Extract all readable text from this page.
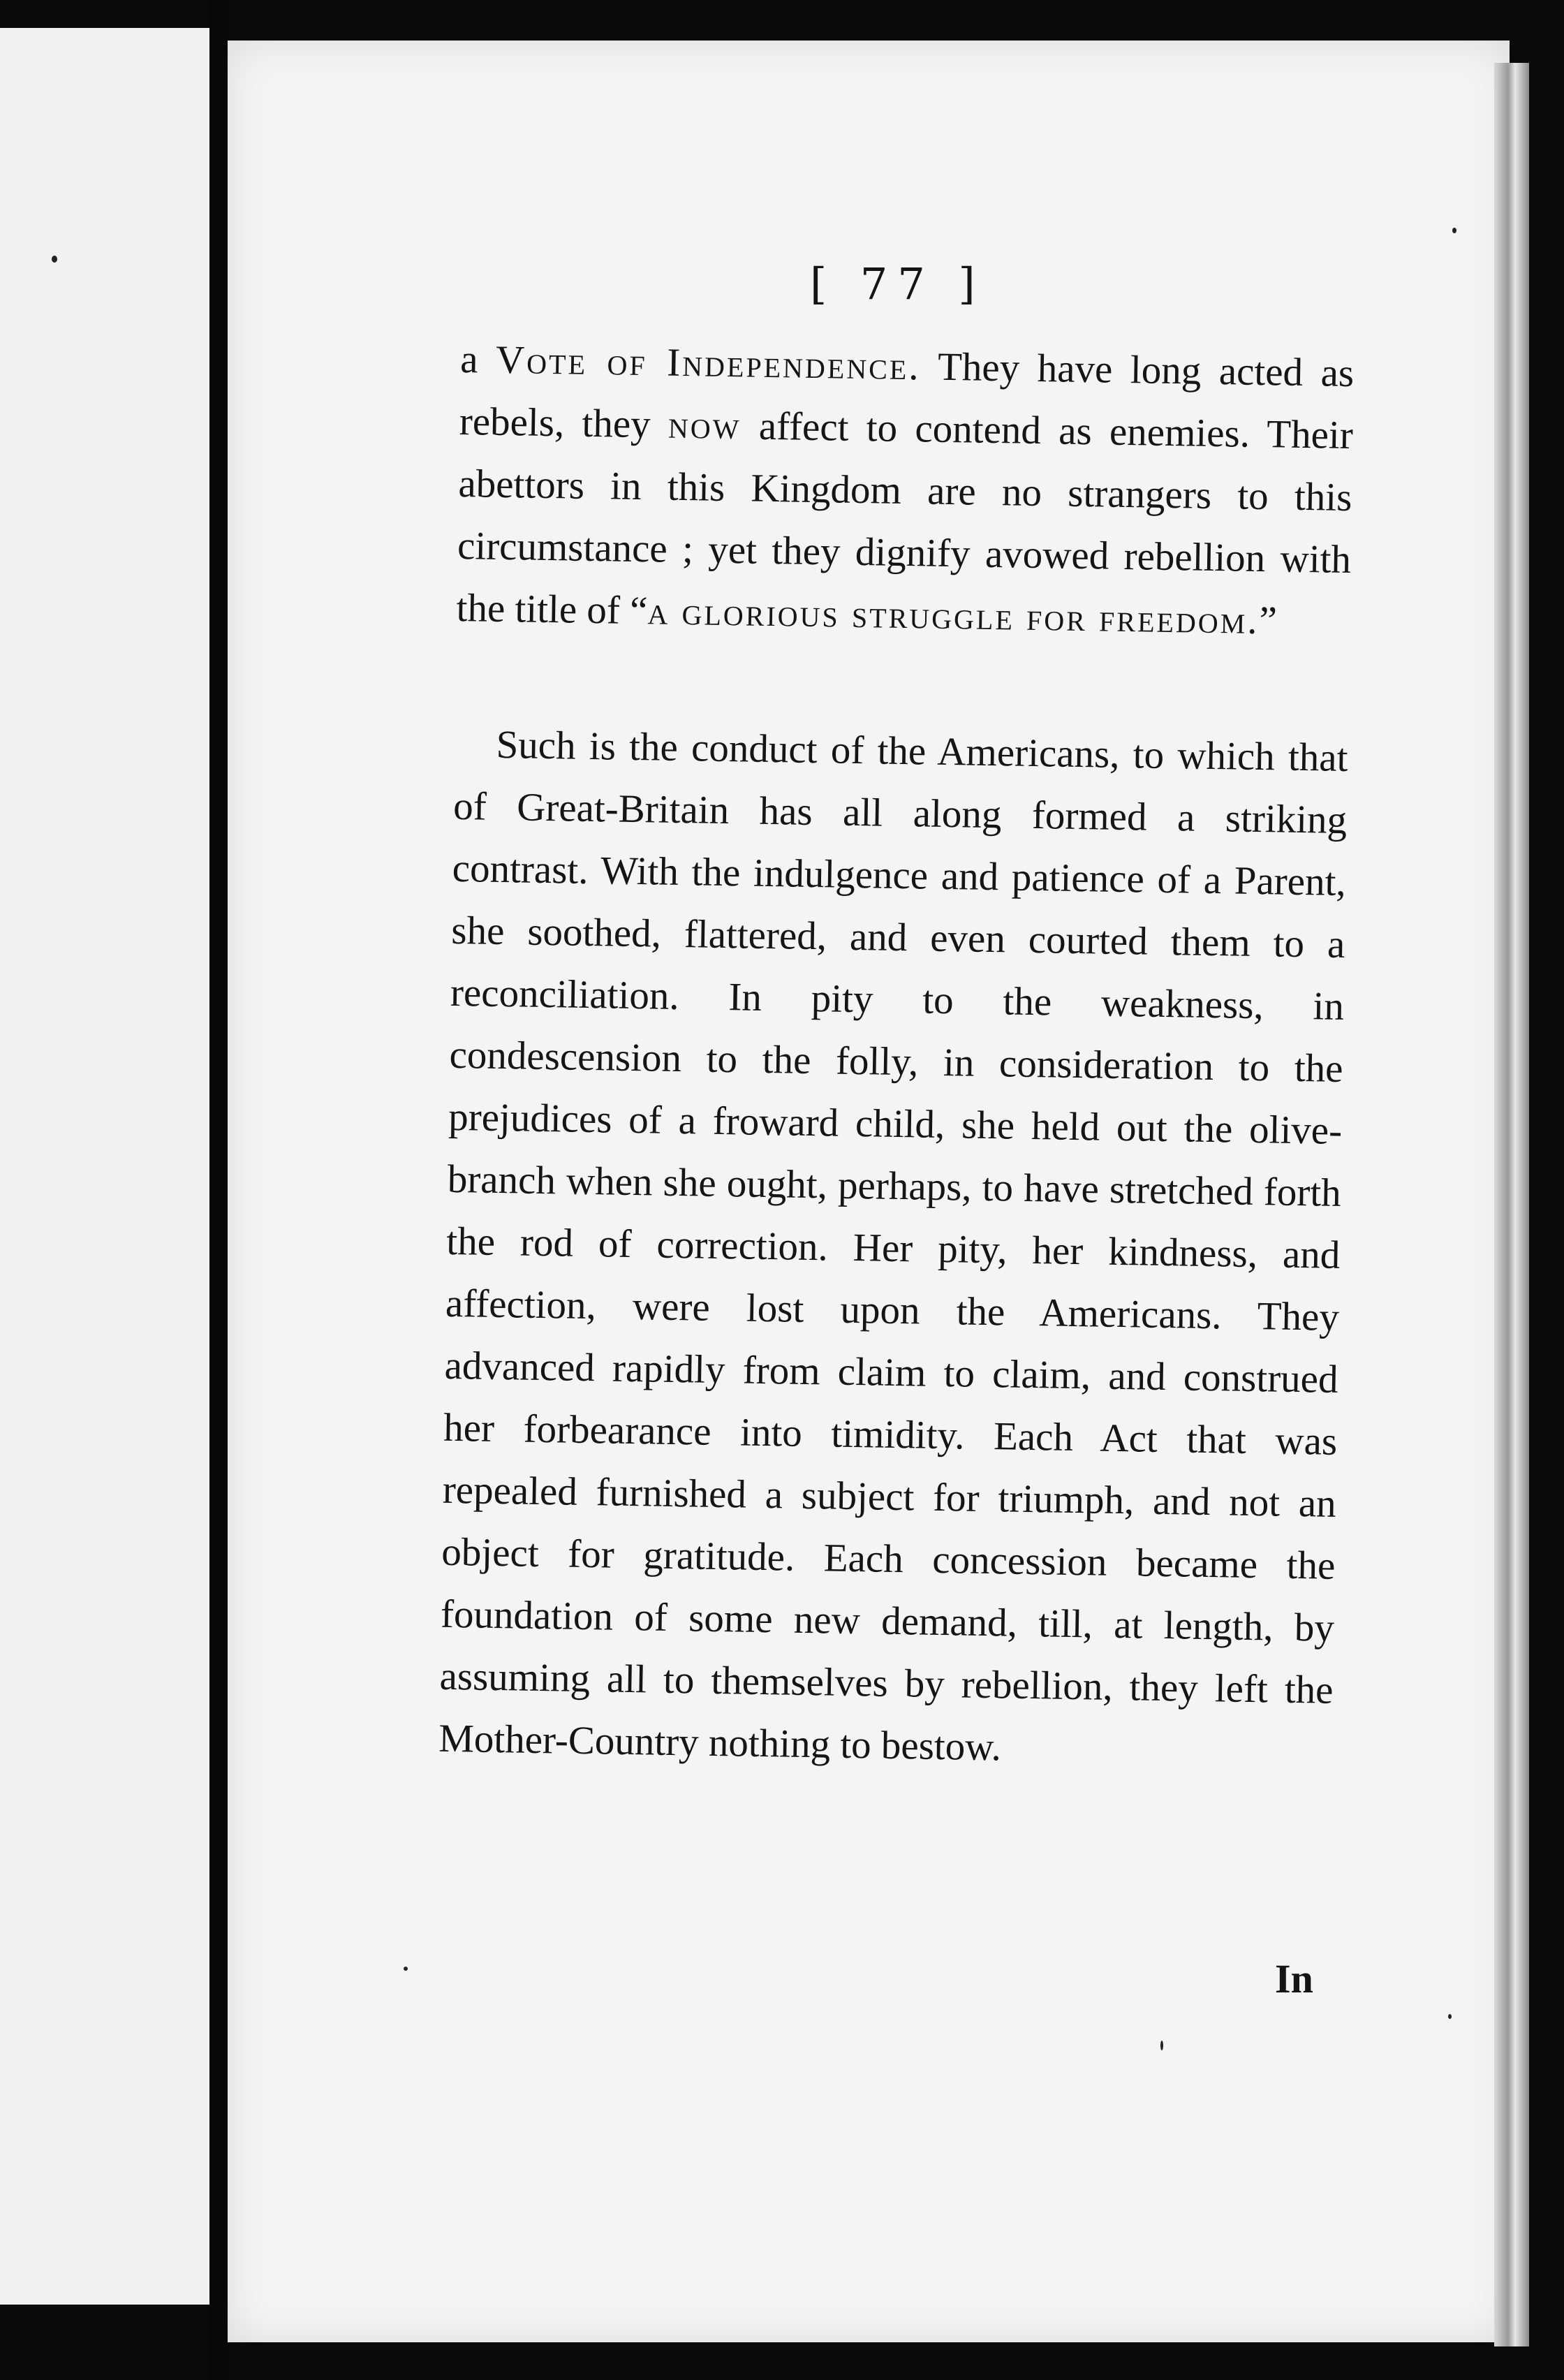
[ 77 ]

a Vote of Independence. They have long acted as rebels, they now affect to contend as enemies. Their abettors in this Kingdom are no strangers to this circumstance ; yet they dignify avowed rebellion with the title of “a glorious struggle for freedom.”

Such is the conduct of the Americans, to which that of Great-Britain has all along formed a striking contrast. With the indulgence and patience of a Parent, she soothed, flattered, and even courted them to a reconciliation. In pity to the weakness, in condescension to the folly, in consideration to the prejudices of a froward child, she held out the olive-branch when she ought, perhaps, to have stretched forth the rod of correction. Her pity, her kindness, and affection, were lost upon the Americans. They advanced rapidly from claim to claim, and construed her forbearance into timidity. Each Act that was repealed furnished a subject for triumph, and not an object for gratitude. Each concession became the foundation of some new demand, till, at length, by assuming all to themselves by rebellion, they left the Mother-Country nothing to bestow.

In
